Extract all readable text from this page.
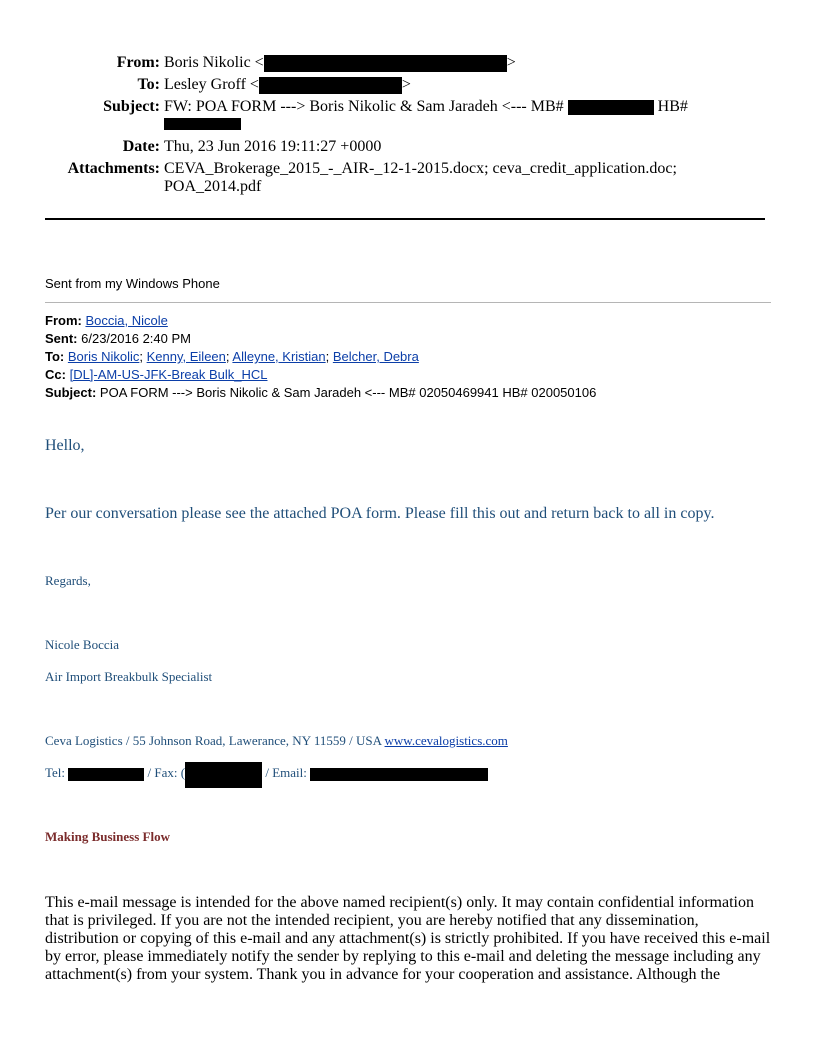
From: Boris Nikolic <	>
To: Lesley Groff <	>
Subject: FW: POA FORM ---> Boris Nikolic & Sam Jaradeh <--- MB#	HB#
Date: Thu, 23 Jun 2016 19:11:27 +0000
Attachments: CEVA_Brokerage_2015_-_AIR-_12-1-2015.docx; ceva_credit_application.doc; POA_2014.pdf
Sent from my Windows Phone
From: Boccia, Nicole
Sent: 6/23/2016 2:40 PM
To: Boris Nikolic; Kenny, Eileen; Alleyne, Kristian; Belcher, Debra
Cc: [DL]-AM-US-JFK-Break Bulk_HCL
Subject: POA FORM ---> Boris Nikolic & Sam Jaradeh <--- MB# 02050469941 HB# 020050106
Hello,
Per our conversation please see the attached POA form. Please fill this out and return back to all in copy.
Regards,
Nicole Boccia
Air Import Breakbulk Specialist
Ceva Logistics / 55 Johnson Road, Lawerance, NY 11559 / USA www.cevalogistics.com
Tel:	/ Fax: (	/ Email:
Making Business Flow
This e-mail message is intended for the above named recipient(s) only. It may contain confidential information that is privileged. If you are not the intended recipient, you are hereby notified that any dissemination, distribution or copying of this e-mail and any attachment(s) is strictly prohibited. If you have received this e-mail by error, please immediately notify the sender by replying to this e-mail and deleting the message including any attachment(s) from your system. Thank you in advance for your cooperation and assistance. Although the
